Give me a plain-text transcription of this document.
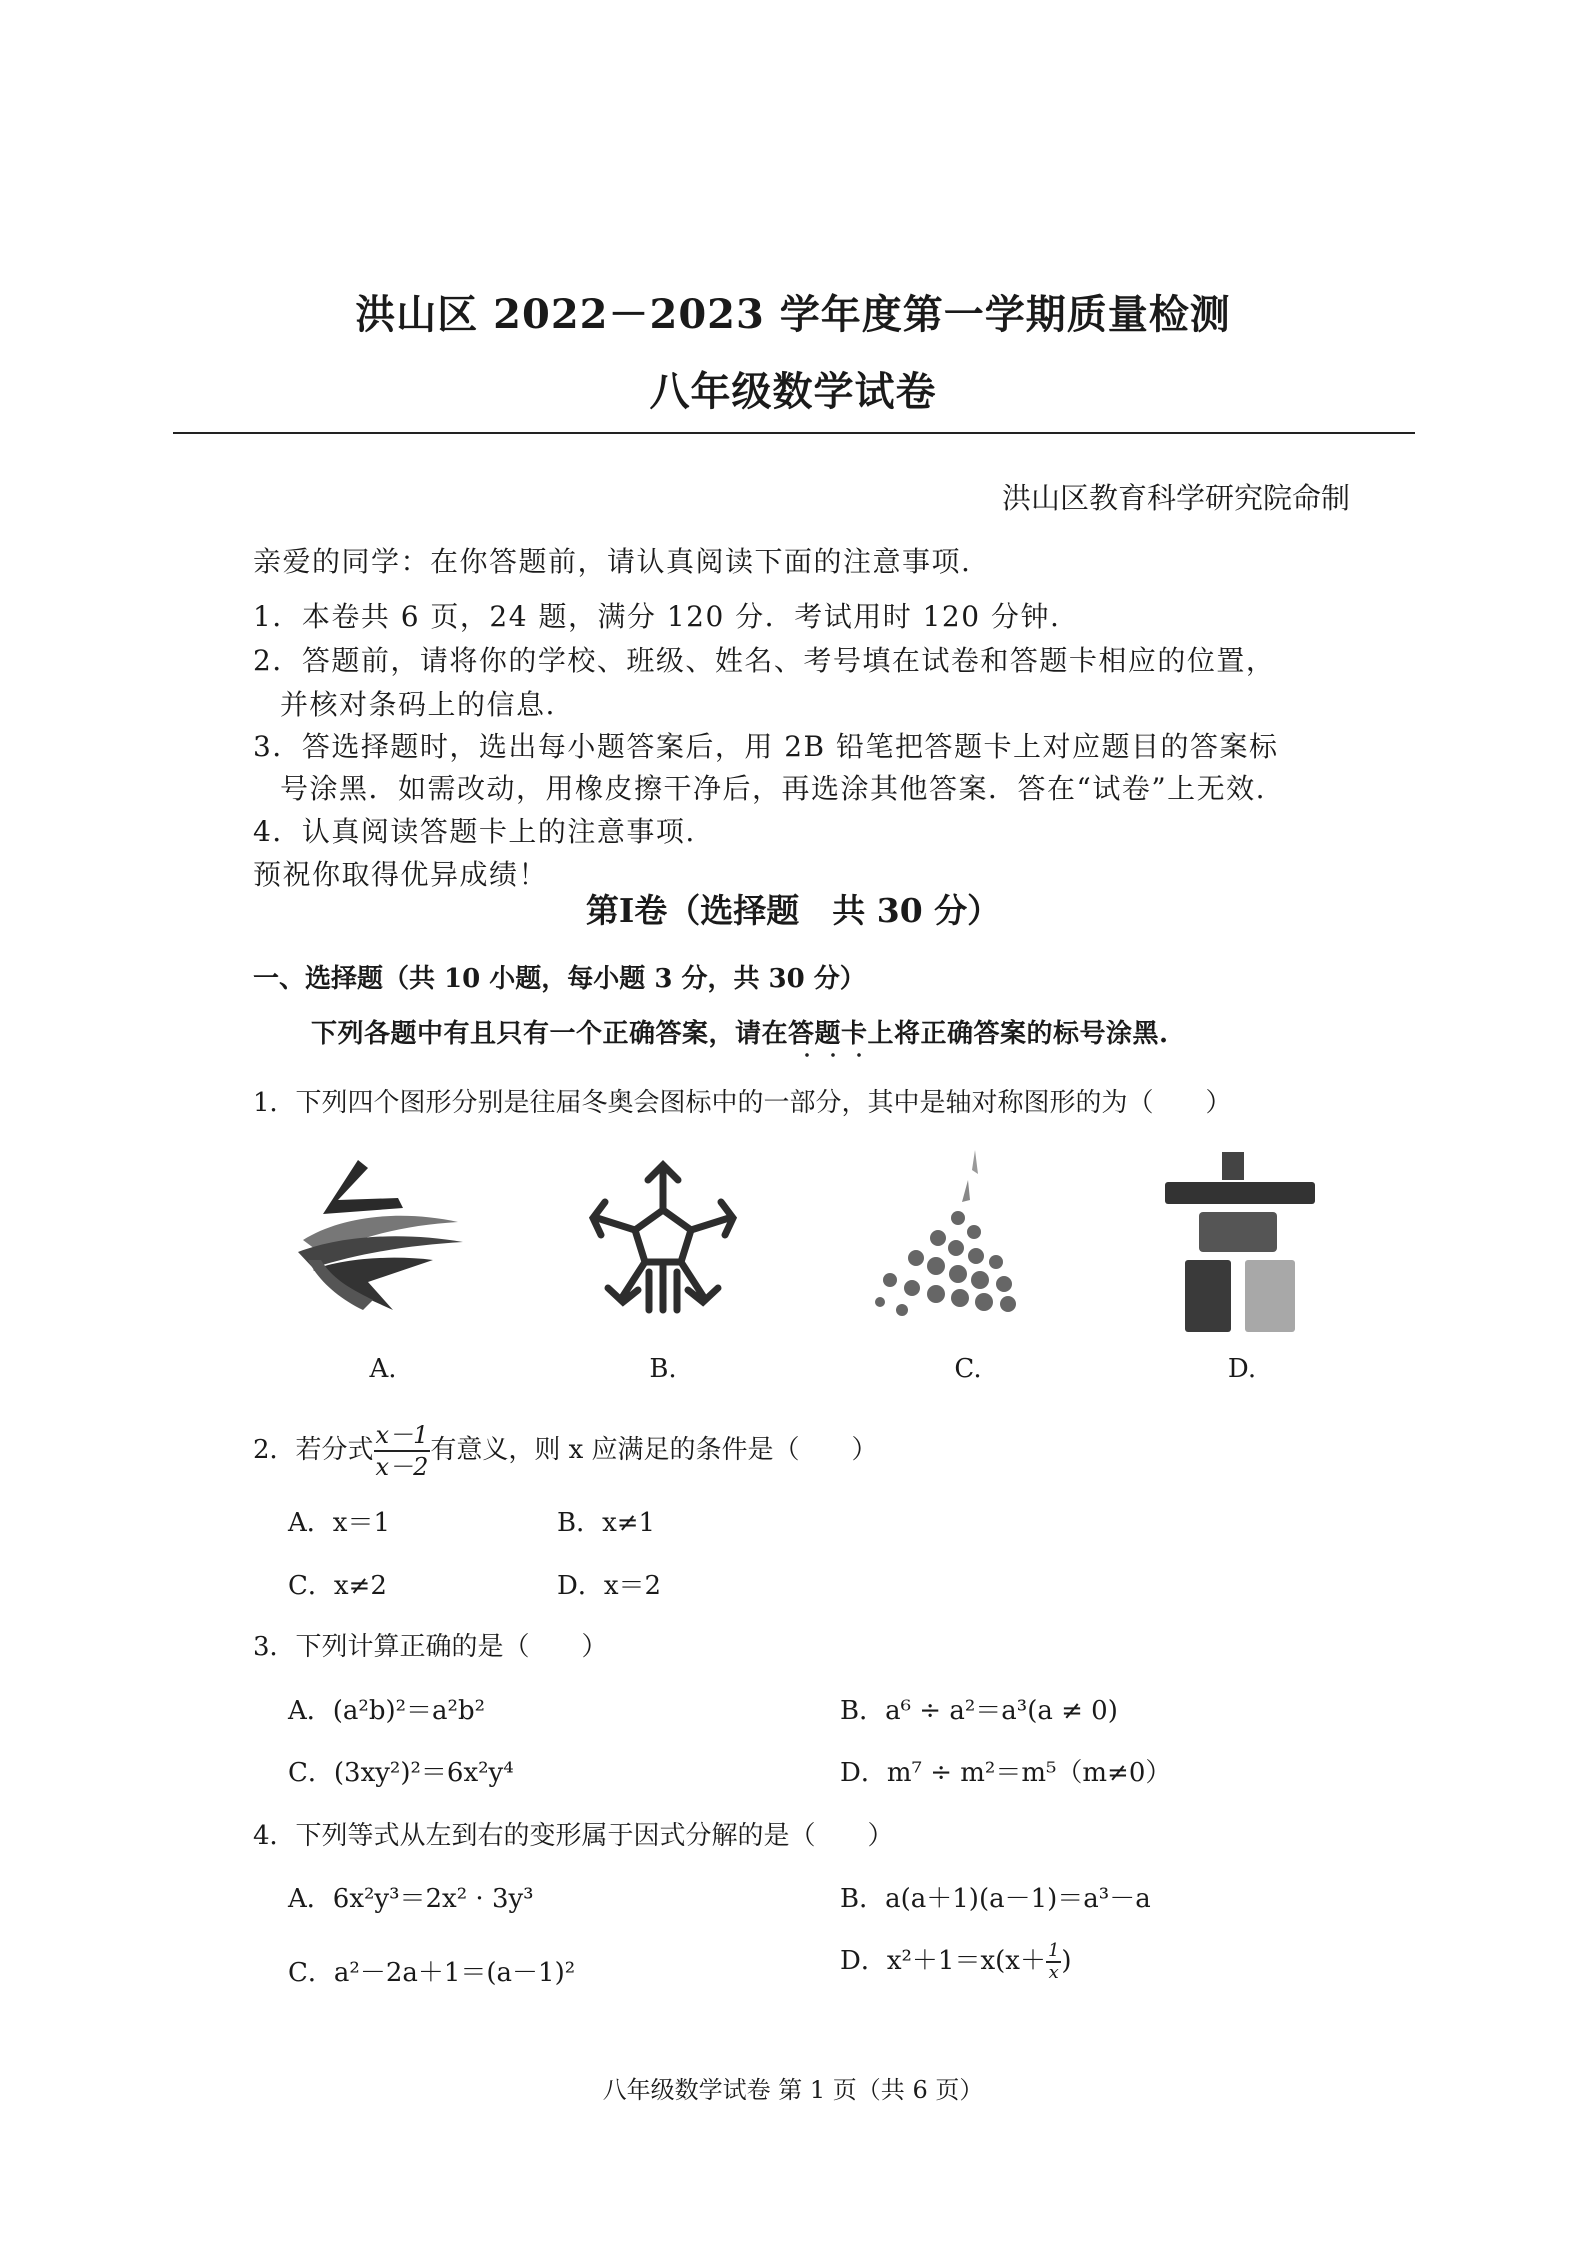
洪山区 2022－2023 学年度第一学期质量检测
八年级数学试卷
洪山区教育科学研究院命制
亲爱的同学：在你答题前，请认真阅读下面的注意事项.
1．本卷共 6 页，24 题，满分 120 分．考试用时 120 分钟.
2．答题前，请将你的学校、班级、姓名、考号填在试卷和答题卡相应的位置，
并核对条码上的信息.
3．答选择题时，选出每小题答案后，用 2B 铅笔把答题卡上对应题目的答案标
号涂黑．如需改动，用橡皮擦干净后，再选涂其他答案．答在“试卷”上无效.
4．认真阅读答题卡上的注意事项.
预祝你取得优异成绩！
第Ⅰ卷（选择题　共 30 分）
一、选择题（共 10 小题，每小题 3 分，共 30 分）
下列各题中有且只有一个正确答案，请在答题卡上将正确答案的标号涂黑.
1．下列四个图形分别是往届冬奥会图标中的一部分，其中是轴对称图形的为（　　）
A.	B.	C.	D.
2．若分式 $\frac{x-1}{x-2}$ 有意义，则 x 应满足的条件是（　　）
A．x＝1	B．x≠1
C．x≠2	D．x＝2
3．下列计算正确的是（　　）
A．(a²b)²＝a²b²	B．a⁶ ÷ a²＝a³(a ≠ 0)
C．(3xy²)²＝6x²y⁴	D．m⁷ ÷ m²＝m⁵（m≠0）
4．下列等式从左到右的变形属于因式分解的是（　　）
A．6x²y³＝2x² · 3y³	B．a(a＋1)(a－1)＝a³－a
C．a²－2a＋1＝(a－1)²	D．$x^2+1=x(x+ \frac{1}{x}$ )
八年级数学试卷 第 1 页（共 6 页）
